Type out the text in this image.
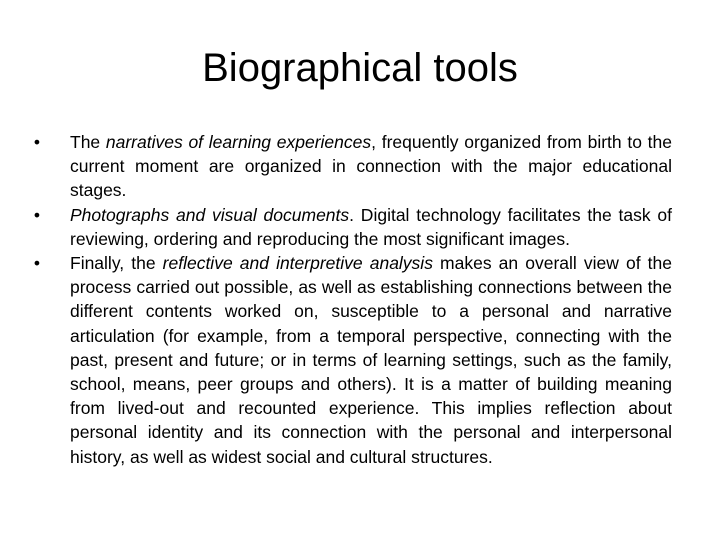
Biographical tools
• The narratives of learning experiences, frequently organized from birth to the current moment are organized in connection with the major educational stages.
• Photographs and visual documents. Digital technology facilitates the task of reviewing, ordering and reproducing the most significant images.
• Finally, the reflective and interpretive analysis makes an overall view of the process carried out possible, as well as establishing connections between the different contents worked on, susceptible to a personal and narrative articulation (for example, from a temporal perspective, connecting with the past, present and future; or in terms of learning settings, such as the family, school, means, peer groups and others). It is a matter of building meaning from lived-out and recounted experience. This implies reflection about personal identity and its connection with the personal and interpersonal history, as well as widest social and cultural structures.
